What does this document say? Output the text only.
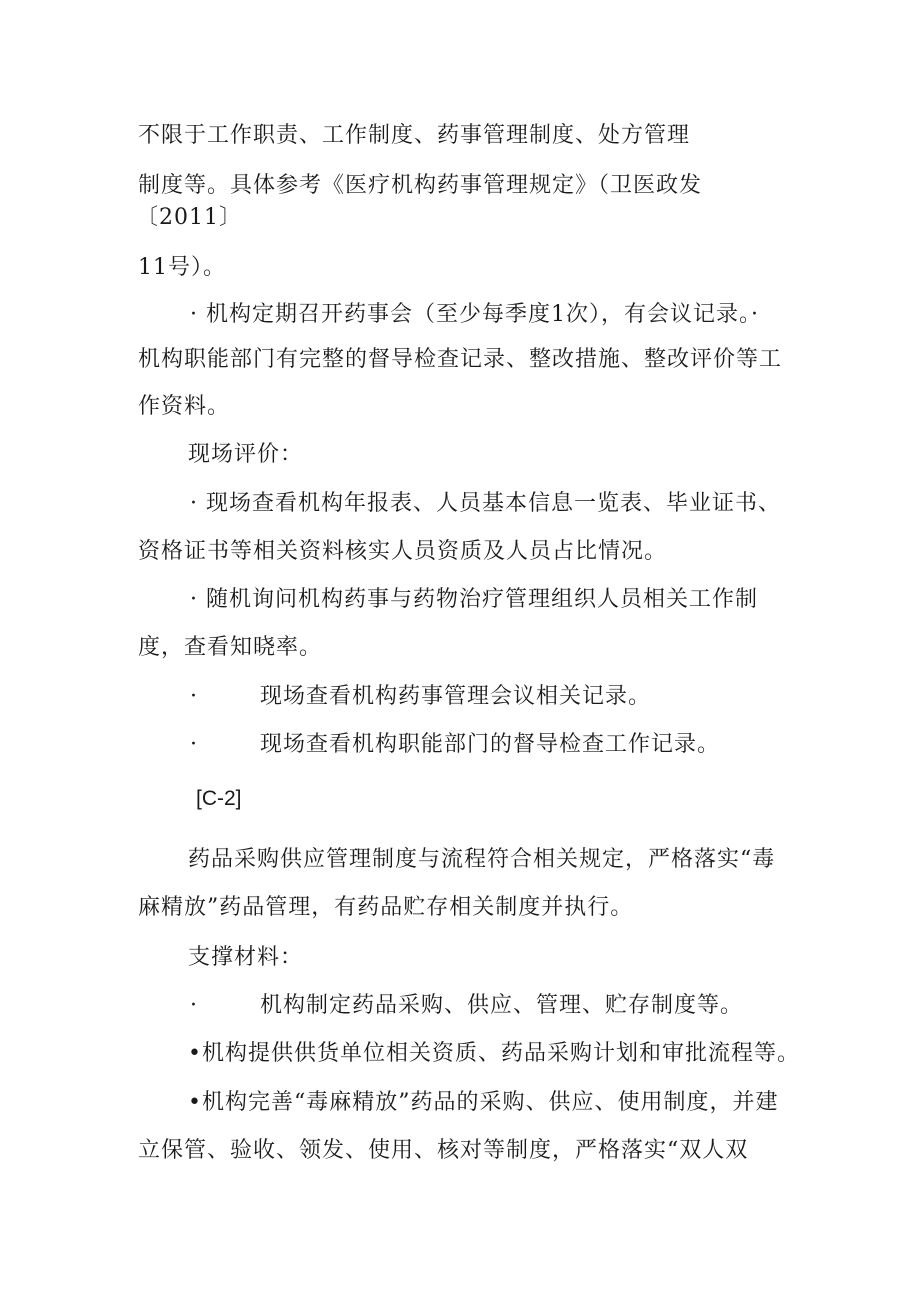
不限于工作职责、工作制度、药事管理制度、处方管理
制度等。具体参考《医疗机构药事管理规定》（卫医政发
〔2011〕
11号）。
· 机构定期召开药事会（至少每季度1次），有会议记录。·
机构职能部门有完整的督导检查记录、整改措施、整改评价等工
作资料。
现场评价：
· 现场查看机构年报表、人员基本信息一览表、毕业证书、
资格证书等相关资料核实人员资质及人员占比情况。
· 随机询问机构药事与药物治疗管理组织人员相关工作制
度，查看知晓率。
·	现场查看机构药事管理会议相关记录。
·	现场查看机构职能部门的督导检查工作记录。
[C-2]
药品采购供应管理制度与流程符合相关规定，严格落实“毒
麻精放”药品管理，有药品贮存相关制度并执行。
支撑材料：
·	机构制定药品采购、供应、管理、贮存制度等。
•机构提供供货单位相关资质、药品采购计划和审批流程等。
•机构完善“毒麻精放”药品的采购、供应、使用制度，并建
立保管、验收、领发、使用、核对等制度，严格落实“双人双
